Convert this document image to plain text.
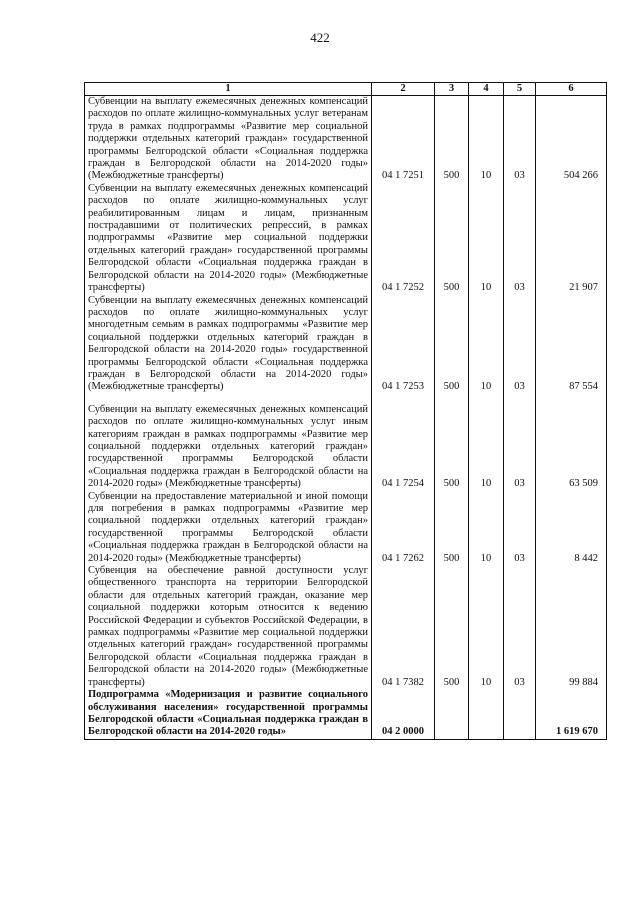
422
1	2	3	4	5	6
Субвенции на выплату ежемесячных денежных компенсаций расходов по оплате жилищно-коммунальных услуг ветеранам труда в рамках подпрограммы «Развитие мер социальной поддержки отдельных категорий граждан» государственной программы Белгородской области «Социальная поддержка граждан в Белгородской области на 2014-2020 годы» (Межбюджетные трансферты)	04 1 7251	500	10	03	504 266
Субвенции на выплату ежемесячных денежных компенсаций расходов по оплате жилищно-коммунальных услуг реабилитированным лицам и лицам, признанным пострадавшими от политических репрессий, в рамках подпрограммы «Развитие мер социальной поддержки отдельных категорий граждан» государственной программы Белгородской области «Социальная поддержка граждан в Белгородской области на 2014-2020 годы» (Межбюджетные трансферты)	04 1 7252	500	10	03	21 907
Субвенции на выплату ежемесячных денежных компенсаций расходов по оплате жилищно-коммунальных услуг многодетным семьям в рамках подпрограммы «Развитие мер социальной поддержки отдельных категорий граждан в Белгородской области на 2014-2020 годы» государственной программы Белгородской области «Социальная поддержка граждан в Белгородской области на 2014-2020 годы» (Межбюджетные трансферты)	04 1 7253	500	10	03	87 554
Субвенции на выплату ежемесячных денежных компенсаций расходов по оплате жилищно-коммунальных услуг иным категориям граждан в рамках подпрограммы «Развитие мер социальной поддержки отдельных категорий граждан» государственной программы Белгородской области «Социальная поддержка граждан в Белгородской области на 2014-2020 годы» (Межбюджетные трансферты)	04 1 7254	500	10	03	63 509
Субвенции на предоставление материальной и иной помощи для погребения в рамках подпрограммы «Развитие мер социальной поддержки отдельных категорий граждан» государственной программы Белгородской области «Социальная поддержка граждан в Белгородской области на 2014-2020 годы» (Межбюджетные трансферты)	04 1 7262	500	10	03	8 442
Субвенция на обеспечение равной доступности услуг общественного транспорта на территории Белгородской области для отдельных категорий граждан, оказание мер социальной поддержки которым относится к ведению Российской Федерации и субъектов Российской Федерации, в рамках подпрограммы «Развитие мер социальной поддержки отдельных категорий граждан» государственной программы Белгородской области «Социальная поддержка граждан в Белгородской области на 2014-2020 годы» (Межбюджетные трансферты)	04 1 7382	500	10	03	99 884
Подпрограмма «Модернизация и развитие социального обслуживания населения» государственной программы Белгородской области «Социальная поддержка граждан в Белгородской области на 2014-2020 годы»	04 2 0000				1 619 670
